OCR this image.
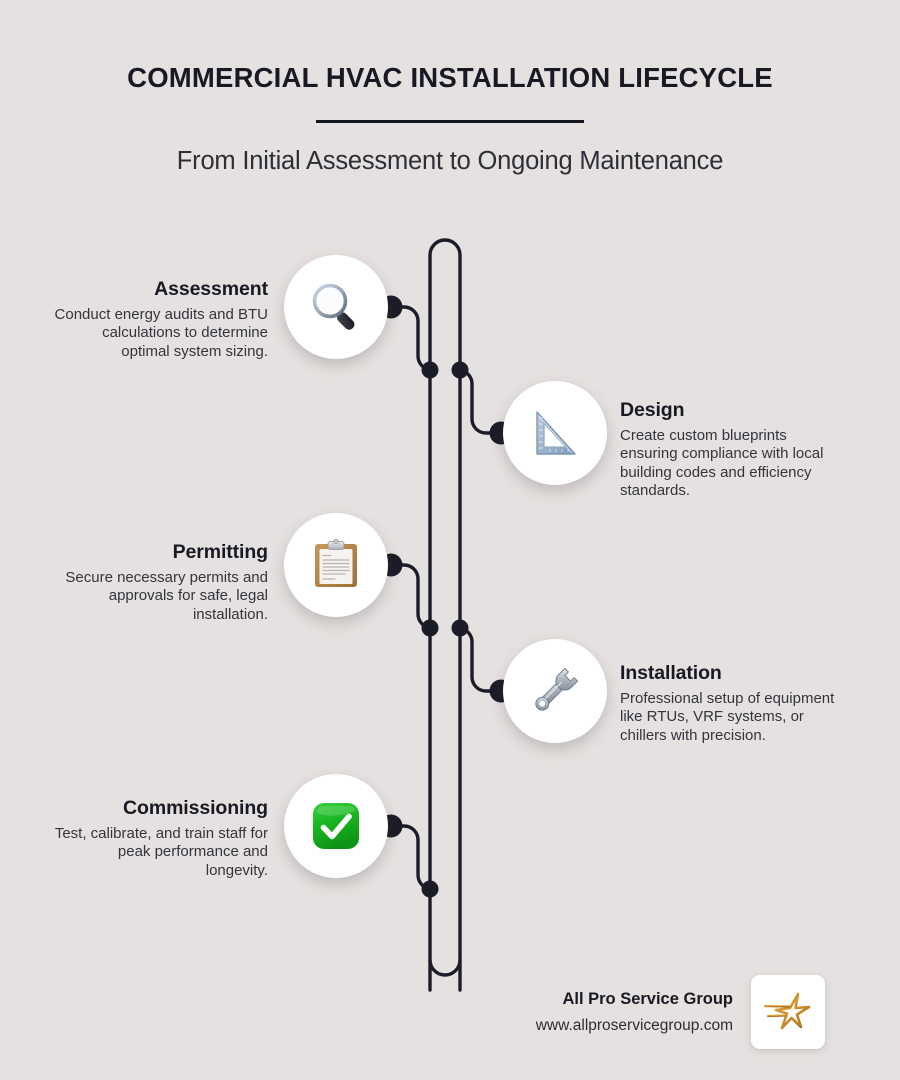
COMMERCIAL HVAC INSTALLATION LIFECYCLE

From Initial Assessment to Ongoing Maintenance

Assessment

Conduct energy audits and BTU calculations to determine optimal system sizing.

Design

Create custom blueprints ensuring compliance with local building codes and efficiency standards.

Permitting

Secure necessary permits and approvals for safe, legal installation.

Installation

Professional setup of equipment like RTUs, VRF systems, or chillers with precision.

Commissioning

Test, calibrate, and train staff for peak performance and longevity.

All Pro Service Group

www.allproservicegroup.com
